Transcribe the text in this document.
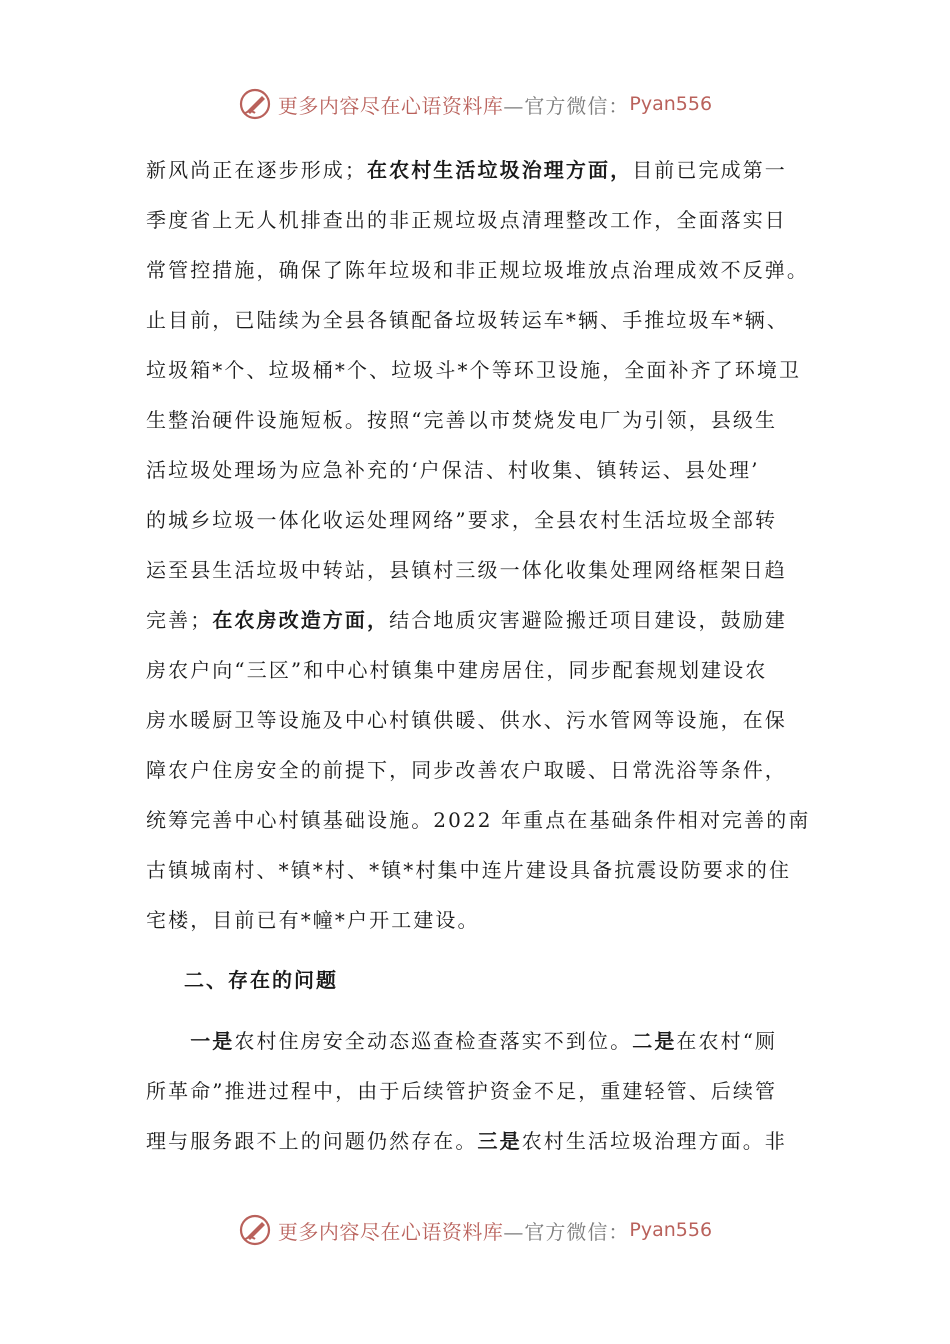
更多内容尽在心语资料库 —官方微信： Pyan556
新风尚正在逐步形成；在农村生活垃圾治理方面，目前已完成第一
季度省上无人机排查出的非正规垃圾点清理整改工作，全面落实日
常管控措施，确保了陈年垃圾和非正规垃圾堆放点治理成效不反弹。
止目前，已陆续为全县各镇配备垃圾转运车*辆、手推垃圾车*辆、
垃圾箱*个、垃圾桶*个、垃圾斗*个等环卫设施，全面补齐了环境卫
生整治硬件设施短板。按照“完善以市焚烧发电厂为引领，县级生
活垃圾处理场为应急补充的‘户保洁、村收集、镇转运、县处理’
的城乡垃圾一体化收运处理网络”要求，全县农村生活垃圾全部转
运至县生活垃圾中转站，县镇村三级一体化收集处理网络框架日趋
完善；在农房改造方面，结合地质灾害避险搬迁项目建设，鼓励建
房农户向“三区”和中心村镇集中建房居住，同步配套规划建设农
房水暖厨卫等设施及中心村镇供暖、供水、污水管网等设施，在保
障农户住房安全的前提下，同步改善农户取暖、日常洗浴等条件，
统筹完善中心村镇基础设施。2022 年重点在基础条件相对完善的南
古镇城南村、*镇*村、*镇*村集中连片建设具备抗震设防要求的住
宅楼，目前已有*幢*户开工建设。
二、存在的问题
　　一是农村住房安全动态巡查检查落实不到位。二是在农村“厕
所革命”推进过程中，由于后续管护资金不足，重建轻管、后续管
理与服务跟不上的问题仍然存在。三是农村生活垃圾治理方面。非
更多内容尽在心语资料库 —官方微信： Pyan556
